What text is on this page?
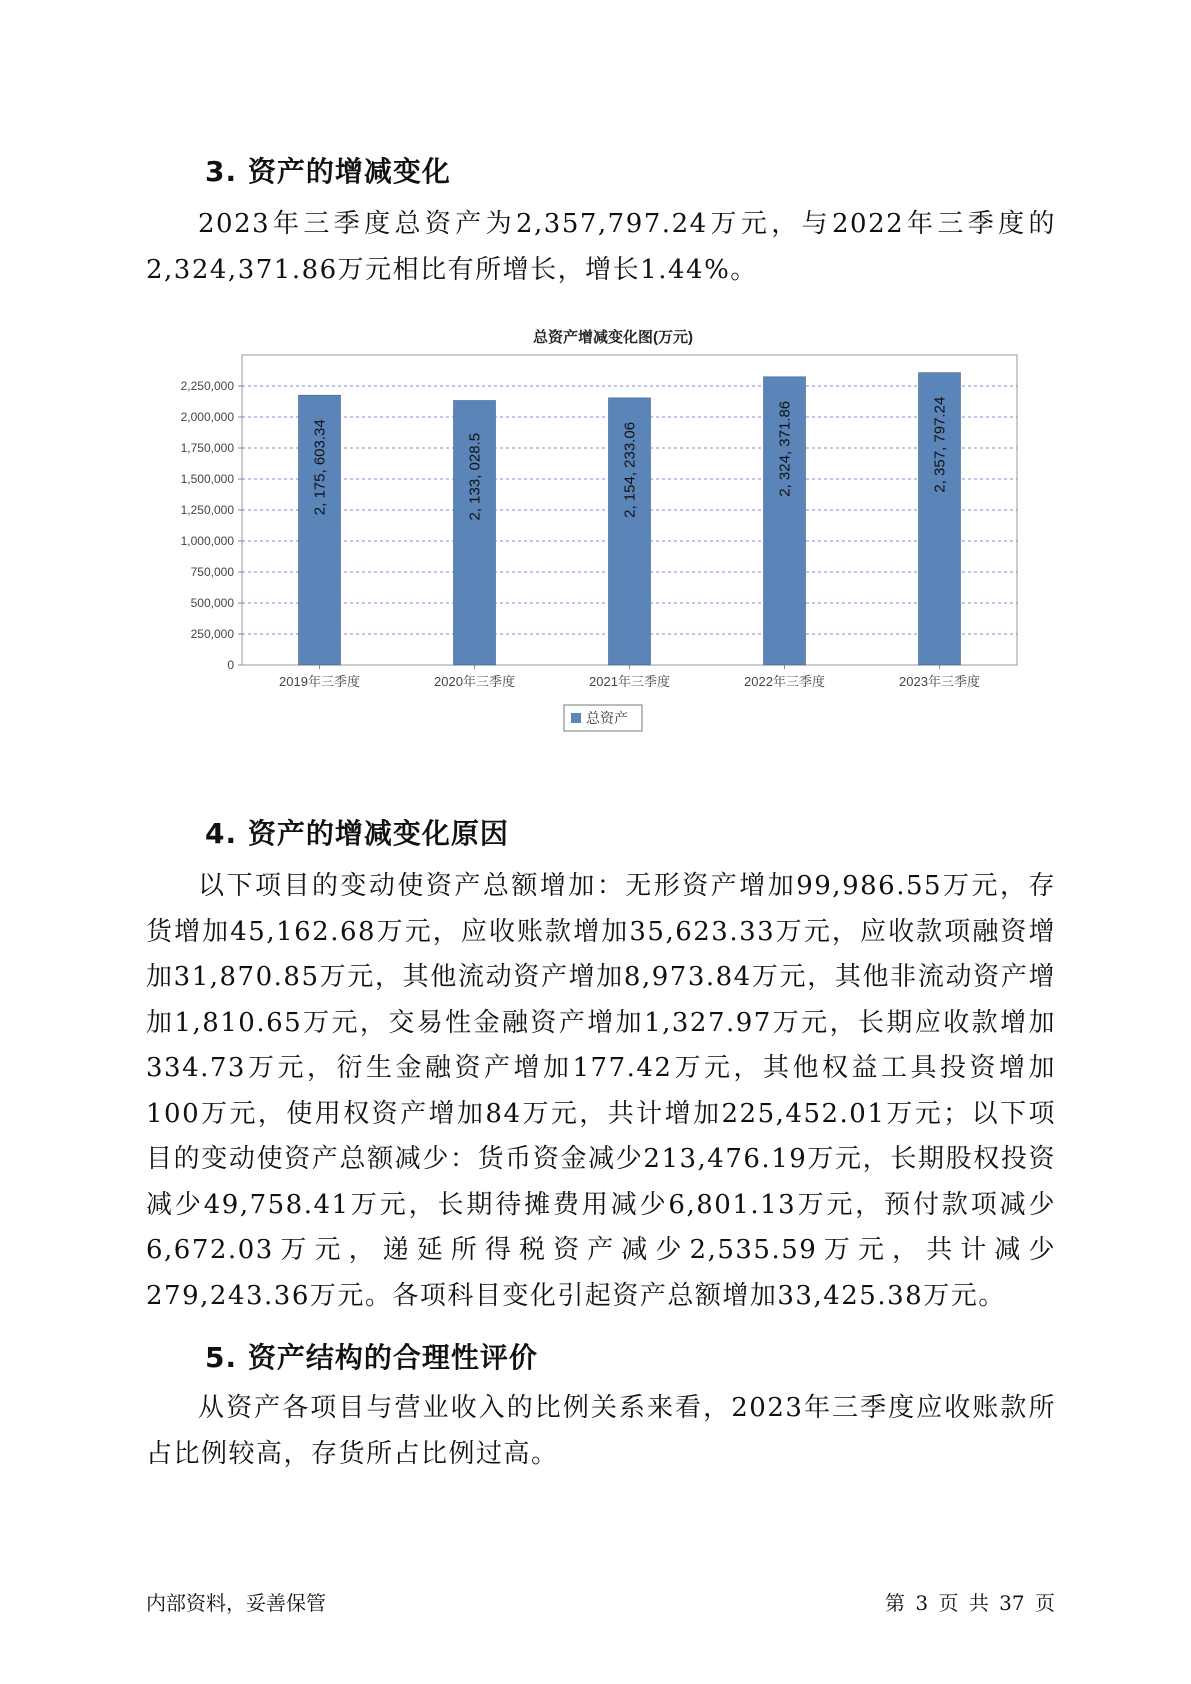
3. 资产的增减变化

2023年三季度总资产为2,357,797.24万元，与2022年三季度的2,324,371.86万元相比有所增长，增长1.44%。

总资产增减变化图(万元)
0
250,000
500,000
750,000
1,000,000
1,250,000
1,500,000
1,750,000
2,000,000
2,250,000
2, 175, 603.34	2, 133, 028.5	2, 154, 233.06	2, 324, 371.86	2, 357, 797.24
2019年三季度	2020年三季度	2021年三季度	2022年三季度	2023年三季度
总资产
4. 资产的增减变化原因

以下项目的变动使资产总额增加：无形资产增加99,986.55万元，存货增加45,162.68万元，应收账款增加35,623.33万元，应收款项融资增加31,870.85万元，其他流动资产增加8,973.84万元，其他非流动资产增加1,810.65万元，交易性金融资产增加1,327.97万元，长期应收款增加334.73万元，衍生金融资产增加177.42万元，其他权益工具投资增加100万元，使用权资产增加84万元，共计增加225,452.01万元；以下项目的变动使资产总额减少：货币资金减少213,476.19万元，长期股权投资减少49,758.41万元，长期待摊费用减少6,801.13万元，预付款项减少6,672.03万元，递延所得税资产减少2,535.59万元，共计减少279,243.36万元。各项科目变化引起资产总额增加33,425.38万元。

5. 资产结构的合理性评价

从资产各项目与营业收入的比例关系来看，2023年三季度应收账款所占比例较高，存货所占比例过高。

内部资料，妥善保管	第 3 页 共 37 页
